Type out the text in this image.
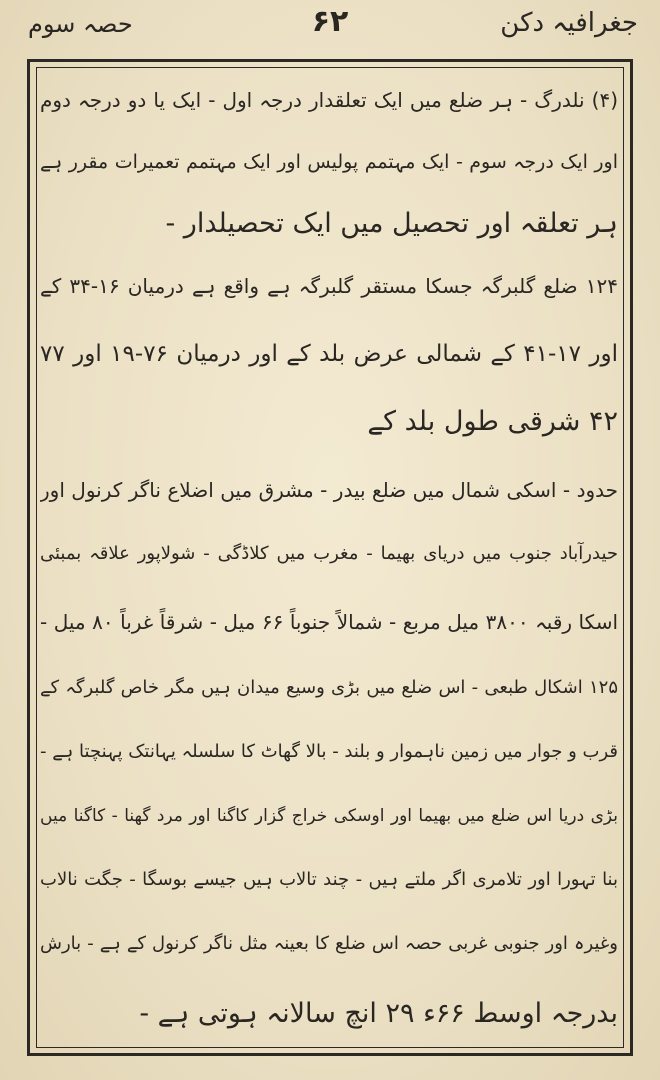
جغرافیہ دکن
۶۲
حصہ سوم
(۴) نلدرگ - ہر ضلع میں ایک تعلقدار درجہ اول - ایک یا دو درجہ دوم
اور ایک درجہ سوم - ایک مہتمم پولیس اور ایک مہتمم تعمیرات مقرر ہے
ہر تعلقہ اور تحصیل میں ایک تحصیلدار -
۱۲۴ ضلع گلبرگہ جسکا مستقر گلبرگہ ہے واقع ہے درمیان ۱۶-۳۴ کے
اور ۱۷-۴۱ کے شمالی عرض بلد کے اور درمیان ۷۶-۱۹ اور ۷۷
۴۲ شرقی طول بلد کے
حدود - اسکی شمال میں ضلع بیدر - مشرق میں اضلاع ناگر کرنول اور
حیدرآباد جنوب میں دریای بھیما - مغرب میں کلاڈگی - شولاپور علاقہ بمبئی
اسکا رقبہ ۳۸۰۰ میل مربع - شمالاً جنوباً ۶۶ میل - شرقاً غرباً ۸۰ میل -
۱۲۵ اشکال طبعی - اس ضلع میں بڑی وسیع میدان ہیں مگر خاص گلبرگہ کے
قرب و جوار میں زمین ناہموار و بلند - بالا گھاٹ کا سلسلہ یہانتک پہنچتا ہے -
بڑی دریا اس ضلع میں بھیما اور اوسکی خراج گزار کاگنا اور مرد گھنا - کاگنا میں
بنا تہورا اور تلامری اگر ملتے ہیں - چند تالاب ہیں جیسے بوسگا - جگت نالاب
وغیرہ اور جنوبی غربی حصہ اس ضلع کا بعینہ مثل ناگر کرنول کے ہے - بارش
بدرجہ اوسط ۶۶ء ۲۹ انچ سالانہ ہوتی ہے -
